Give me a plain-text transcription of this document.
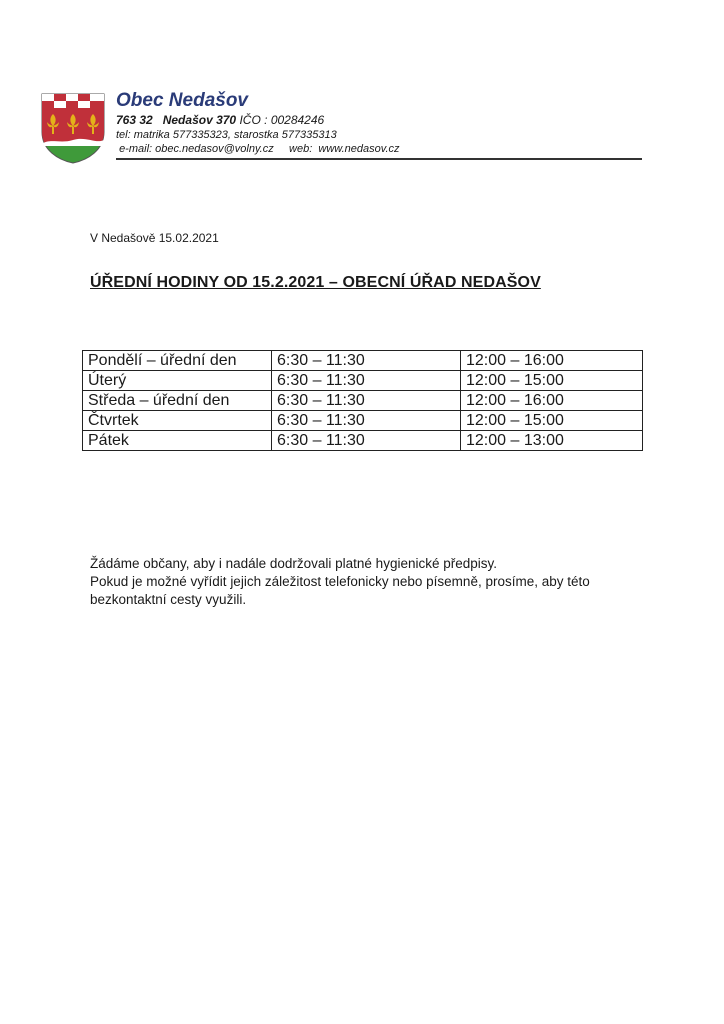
Obec Nedašov
763 32 Nedašov 370 IČO : 00284246
tel: matrika 577335323, starostka 577335313
e-mail: obec.nedasov@volny.cz web: www.nedasov.cz
V Nedašově 15.02.2021
ÚŘEDNÍ HODINY OD 15.2.2021 – OBECNÍ ÚŘAD NEDAŠOV
Pondělí – úřední den	6:30 – 11:30	12:00 – 16:00
Úterý	6:30 – 11:30	12:00 – 15:00
Středa – úřední den	6:30 – 11:30	12:00 – 16:00
Čtvrtek	6:30 – 11:30	12:00 – 15:00
Pátek	6:30 – 11:30	12:00 – 13:00
Žádáme občany, aby i nadále dodržovali platné hygienické předpisy.
Pokud je možné vyřídit jejich záležitost telefonicky nebo písemně, prosíme, aby této bezkontaktní cesty využili.
